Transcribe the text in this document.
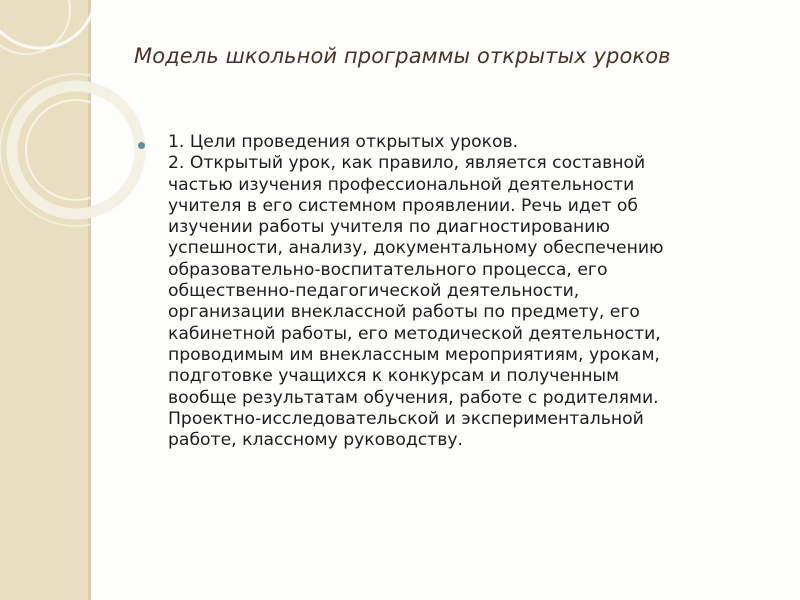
Модель школьной программы открытых уроков
1. Цели проведения открытых уроков.
2. Открытый урок, как правило, является составной
частью изучения профессиональной деятельности
учителя в его системном проявлении. Речь идет об
изучении работы учителя по диагностированию
успешности, анализу, документальному обеспечению
образовательно-воспитательного процесса, его
общественно-педагогической деятельности,
организации внеклассной работы по предмету, его
кабинетной работы, его методической деятельности,
проводимым им внеклассным мероприятиям, урокам,
подготовке учащихся к конкурсам и полученным
вообще результатам обучения, работе с родителями.
Проектно-исследовательской и экспериментальной
работе, классному руководству.
